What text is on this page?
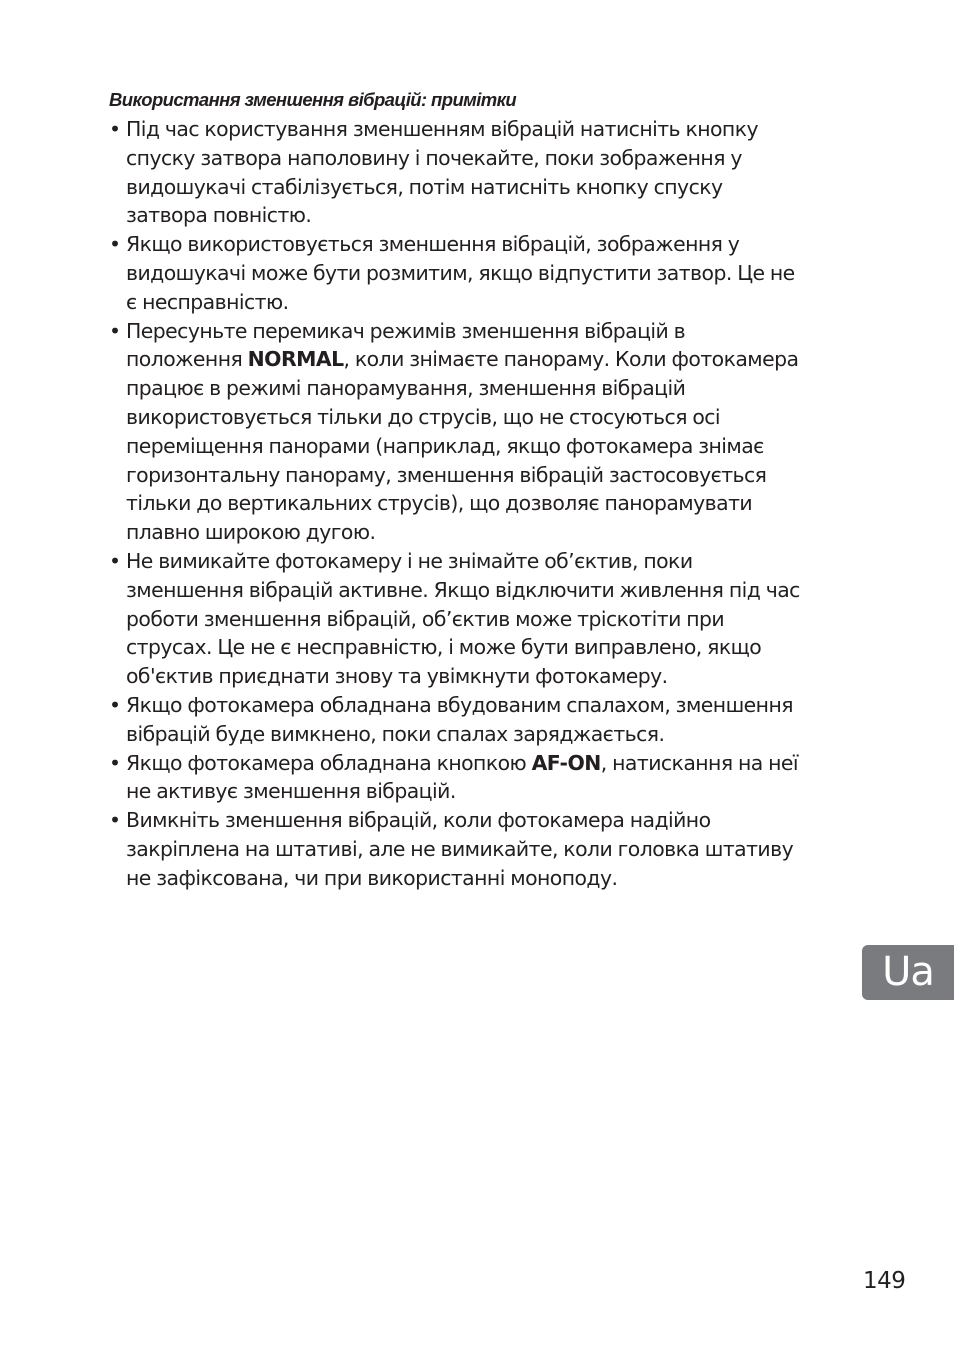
Використання зменшення вібрацій: примітки
• Під час користування зменшенням вібрацій натисніть кнопку
спуску затвора наполовину і почекайте, поки зображення у
видошукачі стабілізується, потім натисніть кнопку спуску
затвора повністю.
• Якщо використовується зменшення вібрацій, зображення у
видошукачі може бути розмитим, якщо відпустити затвор. Це не
є несправністю.
• Пересуньте перемикач режимів зменшення вібрацій в
положення NORMAL, коли знімаєте панораму. Коли фотокамера
працює в режимі панорамування, зменшення вібрацій
використовується тільки до струсів, що не стосуються осі
переміщення панорами (наприклад, якщо фотокамера знімає
горизонтальну панораму, зменшення вібрацій застосовується
тільки до вертикальних струсів), що дозволяє панорамувати
плавно широкою дугою.
• Не вимикайте фотокамеру і не знімайте об’єктив, поки
зменшення вібрацій активне. Якщо відключити живлення під час
роботи зменшення вібрацій, об’єктив може тріскотіти при
струсах. Це не є несправністю, і може бути виправлено, якщо
об'єктив приєднати знову та увімкнути фотокамеру.
• Якщо фотокамера обладнана вбудованим спалахом, зменшення
вібрацій буде вимкнено, поки спалах заряджається.
• Якщо фотокамера обладнана кнопкою AF-ON, натискання на неї
не активує зменшення вібрацій.
• Вимкніть зменшення вібрацій, коли фотокамера надійно
закріплена на штативі, але не вимикайте, коли головка штативу
не зафіксована, чи при використанні моноподу.
Ua
149
